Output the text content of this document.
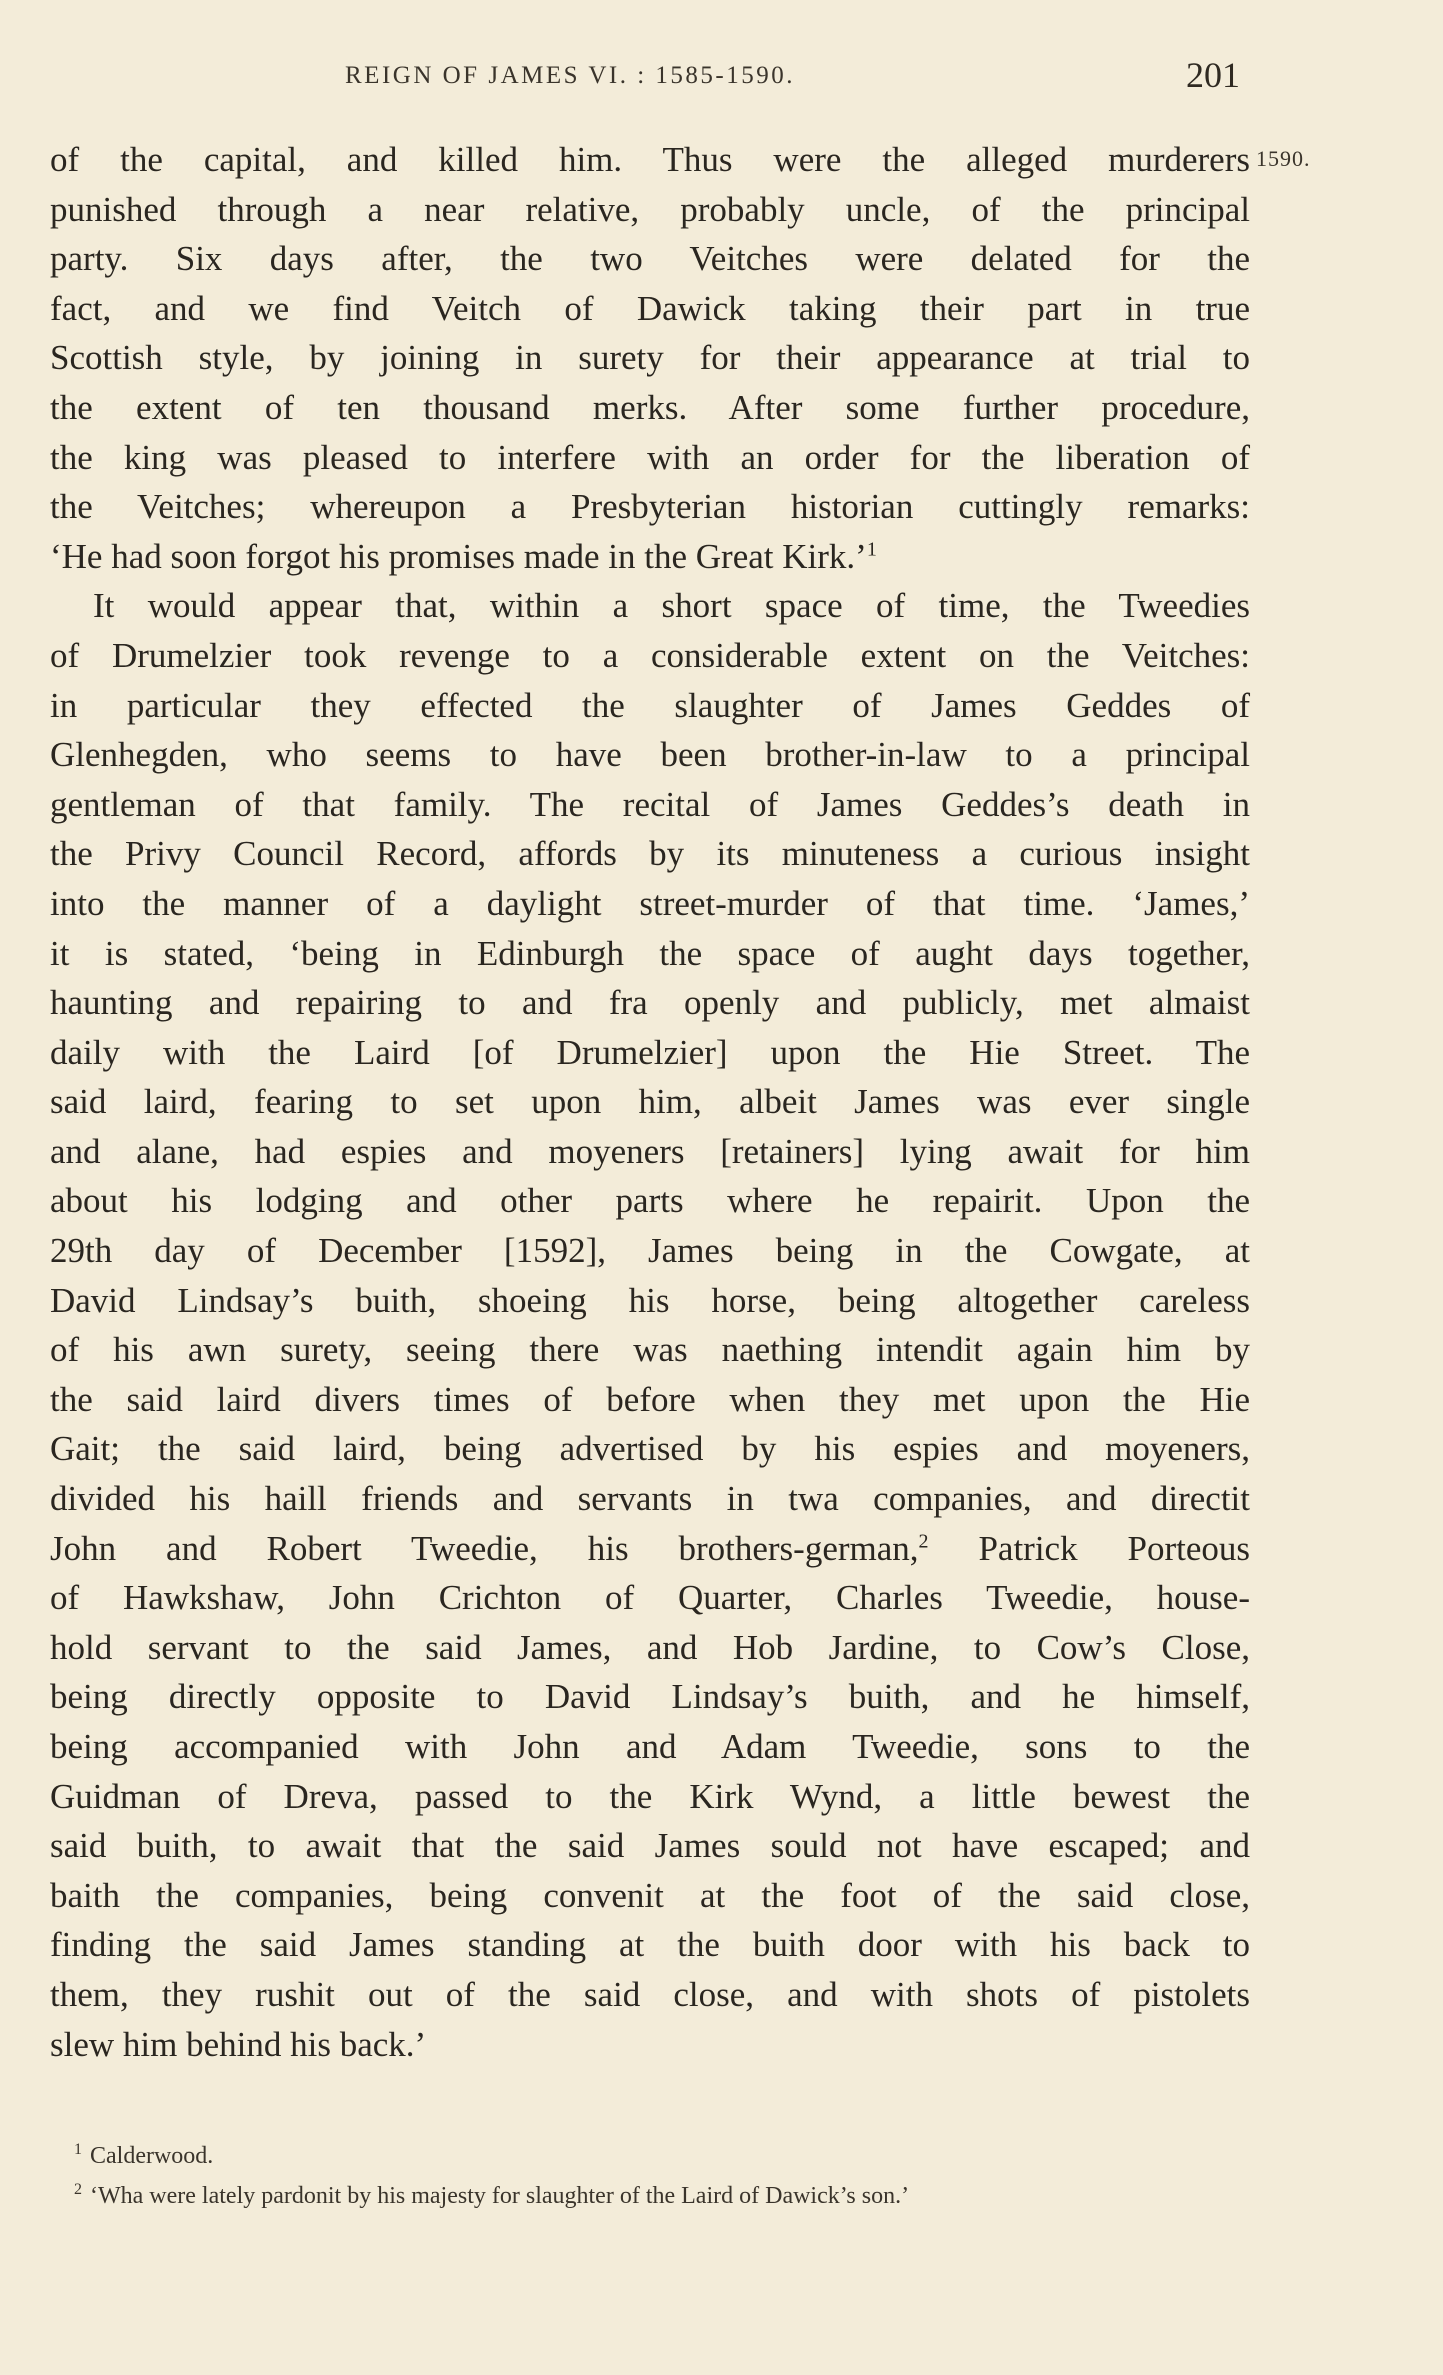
REIGN OF JAMES VI. : 1585-1590.	201
1590.
of the capital, and killed him. Thus were the alleged murderers
punished through a near relative, probably uncle, of the principal
party. Six days after, the two Veitches were delated for the
fact, and we find Veitch of Dawick taking their part in true
Scottish style, by joining in surety for their appearance at trial to
the extent of ten thousand merks. After some further procedure,
the king was pleased to interfere with an order for the liberation of
the Veitches; whereupon a Presbyterian historian cuttingly remarks:
‘He had soon forgot his promises made in the Great Kirk.’$^1$
It would appear that, within a short space of time, the Tweedies
of Drumelzier took revenge to a considerable extent on the Veitches:
in particular they effected the slaughter of James Geddes of
Glenhegden, who seems to have been brother-in-law to a principal
gentleman of that family. The recital of James Geddes’s death in
the Privy Council Record, affords by its minuteness a curious insight
into the manner of a daylight street-murder of that time. ‘James,’
it is stated, ‘being in Edinburgh the space of aught days together,
haunting and repairing to and fra openly and publicly, met almaist
daily with the Laird [of Drumelzier] upon the Hie Street. The
said laird, fearing to set upon him, albeit James was ever single
and alane, had espies and moyeners [retainers] lying await for him
about his lodging and other parts where he repairit. Upon the
29th day of December [1592], James being in the Cowgate, at
David Lindsay’s buith, shoeing his horse, being altogether careless
of his awn surety, seeing there was naething intendit again him by
the said laird divers times of before when they met upon the Hie
Gait; the said laird, being advertised by his espies and moyeners,
divided his haill friends and servants in twa companies, and directit
John and Robert Tweedie, his brothers-german,$^2$ Patrick Porteous
of Hawkshaw, John Crichton of Quarter, Charles Tweedie, house-
hold servant to the said James, and Hob Jardine, to Cow’s Close,
being directly opposite to David Lindsay’s buith, and he himself,
being accompanied with John and Adam Tweedie, sons to the
Guidman of Dreva, passed to the Kirk Wynd, a little bewest the
said buith, to await that the said James sould not have escaped; and
baith the companies, being convenit at the foot of the said close,
finding the said James standing at the buith door with his back to
them, they rushit out of the said close, and with shots of pistolets
slew him behind his back.’
$^1$ Calderwood.
$^2$ ‘Wha were lately pardonit by his majesty for slaughter of the Laird of Dawick’s son.’
